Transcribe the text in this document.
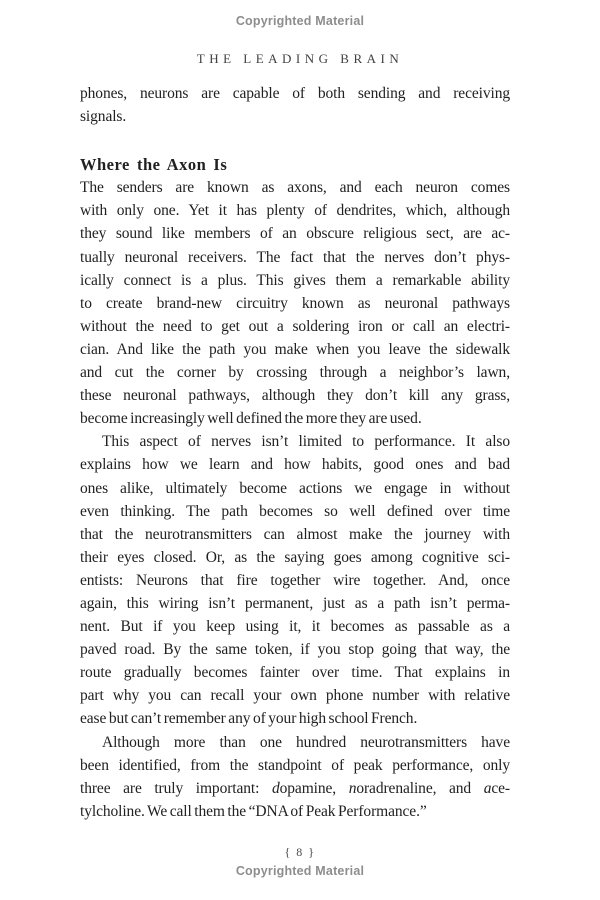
Copyrighted Material
THE LEADING BRAIN
phones, neurons are capable of both sending and receiving
signals.
Where the Axon Is
The senders are known as axons, and each neuron comes
with only one. Yet it has plenty of dendrites, which, although
they sound like members of an obscure religious sect, are ac-
tually neuronal receivers. The fact that the nerves don’t phys-
ically connect is a plus. This gives them a remarkable ability
to create brand-new circuitry known as neuronal pathways
without the need to get out a soldering iron or call an electri-
cian. And like the path you make when you leave the sidewalk
and cut the corner by crossing through a neighbor’s lawn,
these neuronal pathways, although they don’t kill any grass,
become increasingly well defined the more they are used.
This aspect of nerves isn’t limited to performance. It also
explains how we learn and how habits, good ones and bad
ones alike, ultimately become actions we engage in without
even thinking. The path becomes so well defined over time
that the neurotransmitters can almost make the journey with
their eyes closed. Or, as the saying goes among cognitive sci-
entists: Neurons that fire together wire together. And, once
again, this wiring isn’t permanent, just as a path isn’t perma-
nent. But if you keep using it, it becomes as passable as a
paved road. By the same token, if you stop going that way, the
route gradually becomes fainter over time. That explains in
part why you can recall your own phone number with relative
ease but can’t remember any of your high school French.
Although more than one hundred neurotransmitters have
been identified, from the standpoint of peak performance, only
three are truly important: dopamine, noradrenaline, and ace-
tylcholine. We call them the “DNA of Peak Performance.”
{ 8 }
Copyrighted Material
